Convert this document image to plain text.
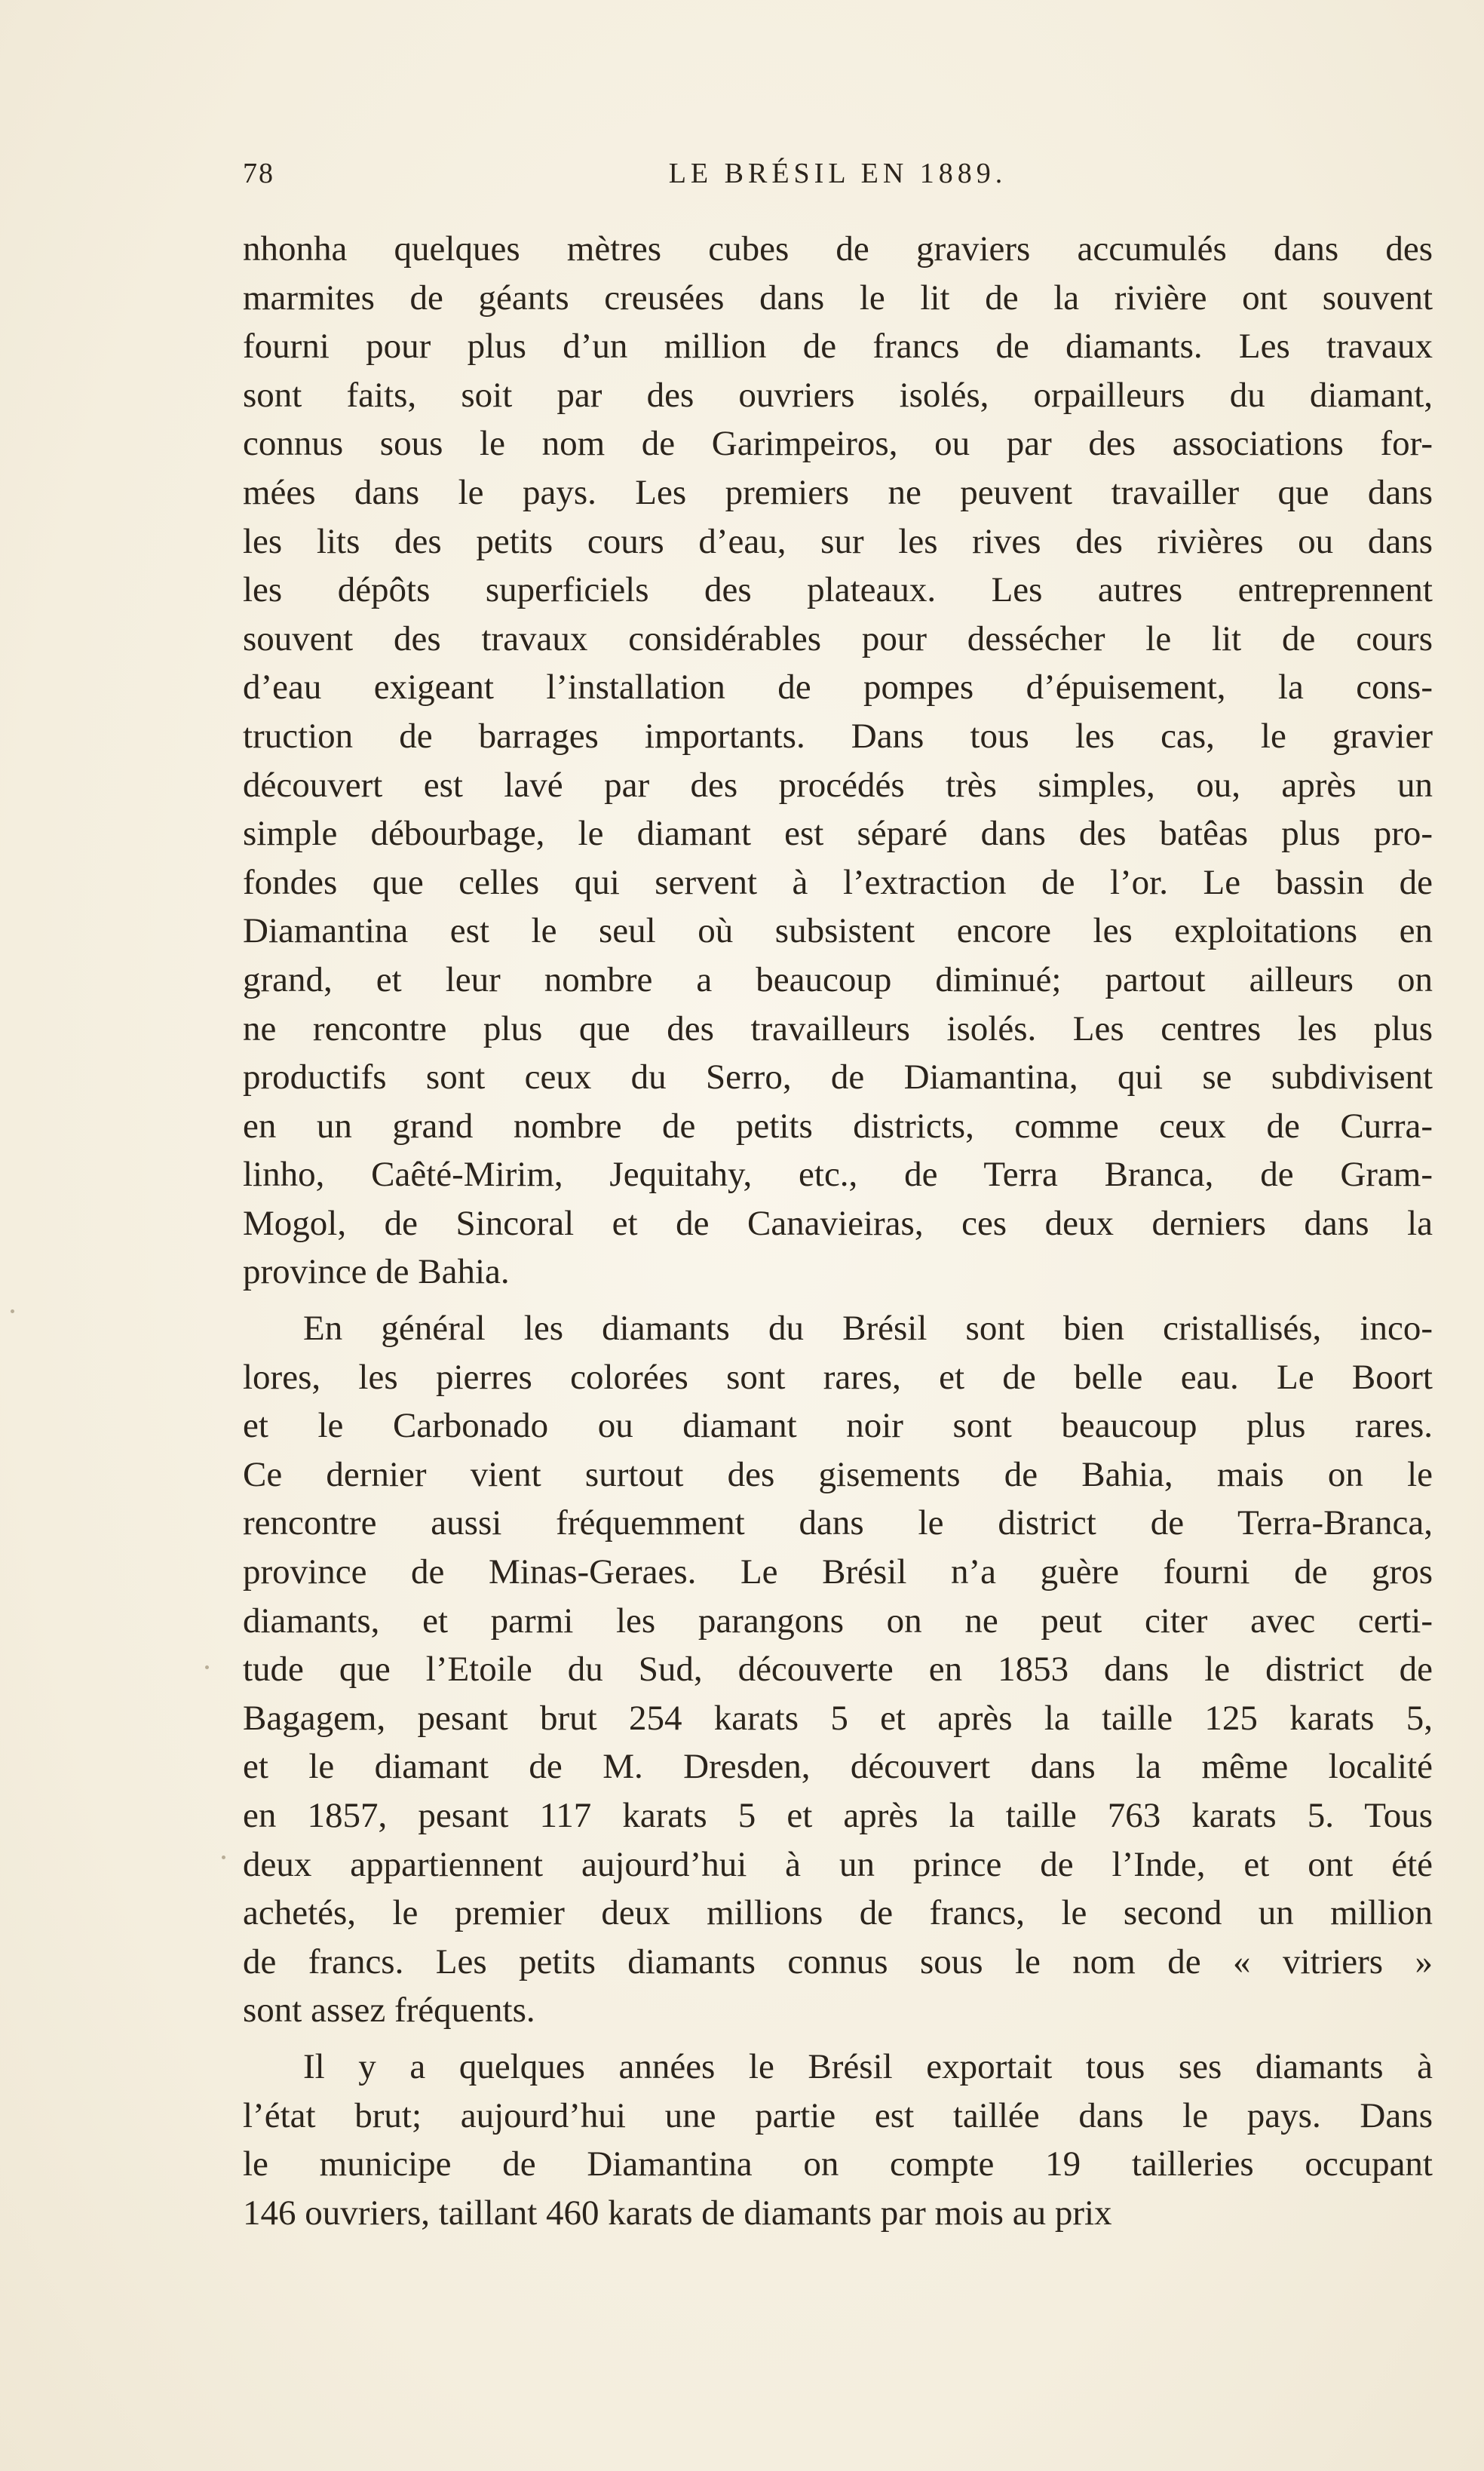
78	LE BRÉSIL EN 1889.
nhonha quelques mètres cubes de graviers accumulés dans des
marmites de géants creusées dans le lit de la rivière ont souvent
fourni pour plus d’un million de francs de diamants. Les travaux
sont faits, soit par des ouvriers isolés, orpailleurs du diamant,
connus sous le nom de Garimpeiros, ou par des associations for-
mées dans le pays. Les premiers ne peuvent travailler que dans
les lits des petits cours d’eau, sur les rives des rivières ou dans
les dépôts superficiels des plateaux. Les autres entreprennent
souvent des travaux considérables pour dessécher le lit de cours
d’eau exigeant l’installation de pompes d’épuisement, la cons-
truction de barrages importants. Dans tous les cas, le gravier
découvert est lavé par des procédés très simples, ou, après un
simple débourbage, le diamant est séparé dans des batêas plus pro-
fondes que celles qui servent à l’extraction de l’or. Le bassin de
Diamantina est le seul où subsistent encore les exploitations en
grand, et leur nombre a beaucoup diminué; partout ailleurs on
ne rencontre plus que des travailleurs isolés. Les centres les plus
productifs sont ceux du Serro, de Diamantina, qui se subdivisent
en un grand nombre de petits districts, comme ceux de Curra-
linho, Caêté-Mirim, Jequitahy, etc., de Terra Branca, de Gram-
Mogol, de Sincoral et de Canavieiras, ces deux derniers dans la
province de Bahia.
En général les diamants du Brésil sont bien cristallisés, inco-
lores, les pierres colorées sont rares, et de belle eau. Le Boort
et le Carbonado ou diamant noir sont beaucoup plus rares.
Ce dernier vient surtout des gisements de Bahia, mais on le
rencontre aussi fréquemment dans le district de Terra-Branca,
province de Minas-Geraes. Le Brésil n’a guère fourni de gros
diamants, et parmi les parangons on ne peut citer avec certi-
tude que l’Etoile du Sud, découverte en 1853 dans le district de
Bagagem, pesant brut 254 karats 5 et après la taille 125 karats 5,
et le diamant de M. Dresden, découvert dans la même localité
en 1857, pesant 117 karats 5 et après la taille 763 karats 5. Tous
deux appartiennent aujourd’hui à un prince de l’Inde, et ont été
achetés, le premier deux millions de francs, le second un million
de francs. Les petits diamants connus sous le nom de « vitriers »
sont assez fréquents.
Il y a quelques années le Brésil exportait tous ses diamants à
l’état brut; aujourd’hui une partie est taillée dans le pays. Dans
le municipe de Diamantina on compte 19 tailleries occupant
146 ouvriers, taillant 460 karats de diamants par mois au prix
